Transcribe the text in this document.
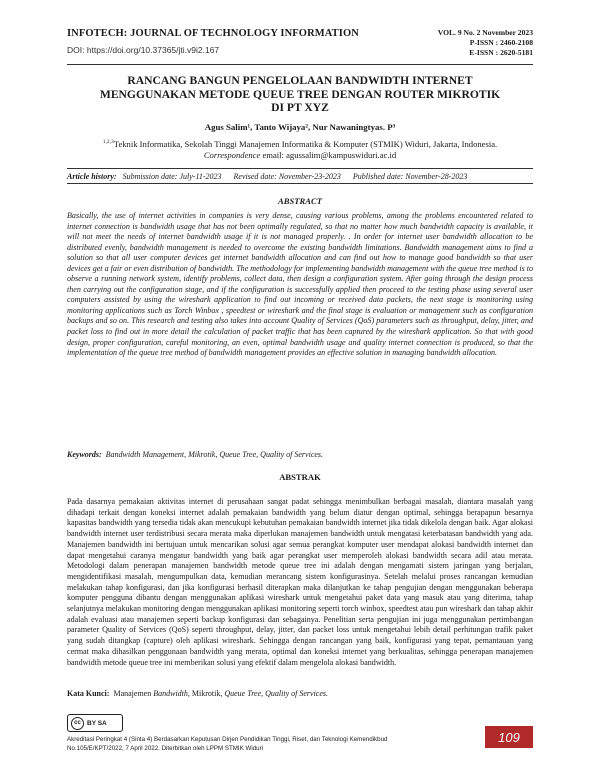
INFOTECH: JOURNAL OF TECHNOLOGY INFORMATION
DOI: https://doi.org/10.37365/jti.v9i2.167
VOL. 9 No. 2 November 2023
P-ISSN : 2460-2108
E-ISSN : 2620-5181
RANCANG BANGUN PENGELOLAAN BANDWIDTH INTERNET
MENGGUNAKAN METODE QUEUE TREE DENGAN ROUTER MIKROTIK
DI PT XYZ
Agus Salim¹, Tanto Wijaya², Nur Nawaningtyas. P³
$^{1,2,3}$Teknik Informatika, Sekolah Tinggi Manajemen Informatika & Komputer (STMIK) Widuri, Jakarta, Indonesia.
Correspondence email: agussalim@kampuswiduri.ac.id
Article history: Submission date: July-11-2023 Revised date: November-23-2023 Published date: November-28-2023
ABSTRACT
Basically, the use of internet activities in companies is very dense, causing various problems, among the problems encountered related to internet connection is bandwidth usage that has not been optimally regulated, so that no matter how much bandwidth capacity is available, it will not meet the needs of internet bandwidth usage if it is not managed properly. . In order for internet user bandwidth allocation to be distributed evenly, bandwidth management is needed to overcome the existing bandwidth limitations. Bandwidth management aims to find a solution so that all user computer devices get internet bandwidth allocation and can find out how to manage good bandwidth so that user devices get a fair or even distribution of bandwidth. The methodology for implementing bandwidth management with the queue tree method is to observe a running network system, identify problems, collect data, then design a configuration system. After going through the design process then carrying out the configuration stage, and if the configuration is successfully applied then proceed to the testing phase using several user computers assisted by using the wireshark application to find out incoming or received data packets, the next stage is monitoring using monitoring applications such as Torch Winbox , speedtest or wireshark and the final stage is evaluation or management such as configuration backups and so on. This research and testing also takes into account Quality of Services (QoS) parameters such as throughput, delay, jitter, and packet loss to find out in more detail the calculation of packet traffic that has been captured by the wireshark application. So that with good design, proper configuration, careful monitoring, an even, optimal bandwidth usage and quality internet connection is produced, so that the implementation of the queue tree method of bandwidth management provides an effective solution in managing bandwidth allocation.
Keywords: Bandwidth Management, Mikrotik, Queue Tree, Quality of Services.
ABSTRAK
Pada dasarnya pemakaian aktivitas internet di perusahaan sangat padat sehingga menimbulkan berbagai masalah, diantara masalah yang dihadapi terkait dengan koneksi internet adalah pemakaian bandwidth yang belum diatur dengan optimal, sehingga berapapun besarnya kapasitas bandwidth yang tersedia tidak akan mencukupi kebutuhan pemakaian bandwidth internet jika tidak dikelola dengan baik. Agar alokasi bandwidth internet user terdistribusi secara merata maka diperlukan manajemen bandwidth untuk mengatasi keterbatasan bandwidth yang ada. Manajemen bandwidth ini bertujuan untuk mencarikan solusi agar semua perangkat komputer user mendapat alokasi bandwidth internet dan dapat mengetahui caranya mengatur bandwidth yang baik agar perangkat user memperoleh alokasi bandwidth secara adil atau merata. Metodologi dalam penerapan manajemen bandwidth metode queue tree ini adalah dengan mengamati sistem jaringan yang berjalan, mengidentifikasi masalah, mengumpulkan data, kemudian merancang sistem konfigurasinya. Setelah melalui proses rancangan kemudian melakukan tahap konfigurasi, dan jika konfigurasi berhasil diterapkan maka dilanjutkan ke tahap pengujian dengan menggunakan beberapa komputer pengguna dibantu dengan menggunakan aplikasi wireshark untuk mengetahui paket data yang masuk atau yang diterima, tahap selanjutnya melakukan monitoring dengan menggunakan aplikasi monitoring seperti torch winbox, speedtest atau pun wireshark dan tahap akhir adalah evaluasi atau manajemen seperti backup konfigurasi dan sebagainya. Penelitian serta pengujian ini juga menggunakan pertimbangan parameter Quality of Services (QoS) seperti throughput, delay, jitter, dan packet loss untuk mengetahui lebih detail perhitungan trafik paket yang sudah ditangkap (capture) oleh aplikasi wireshark. Sehingga dengan rancangan yang baik, konfigurasi yang tepat, pemantauan yang cermat maka dihasilkan penggunaan bandwidth yang merata, optimal dan koneksi internet yang berkualitas, sehingga penerapan manajemen bandwidth metode queue tree ini memberikan solusi yang efektif dalam mengelola alokasi bandwidth.
Kata Kunci: Manajemen Bandwidth, Mikrotik, Queue Tree, Quality of Services.
cc BY SA
Akreditasi Peringkat 4 (Sinta 4) Berdasarkan Keputusan Dirjen Pendidikan Tinggi, Riset, dan Teknologi Kemendikbud
No.105/E/KPT/2022, 7 April 2022. Diterbitkan oleh LPPM STMIK Widuri
109
